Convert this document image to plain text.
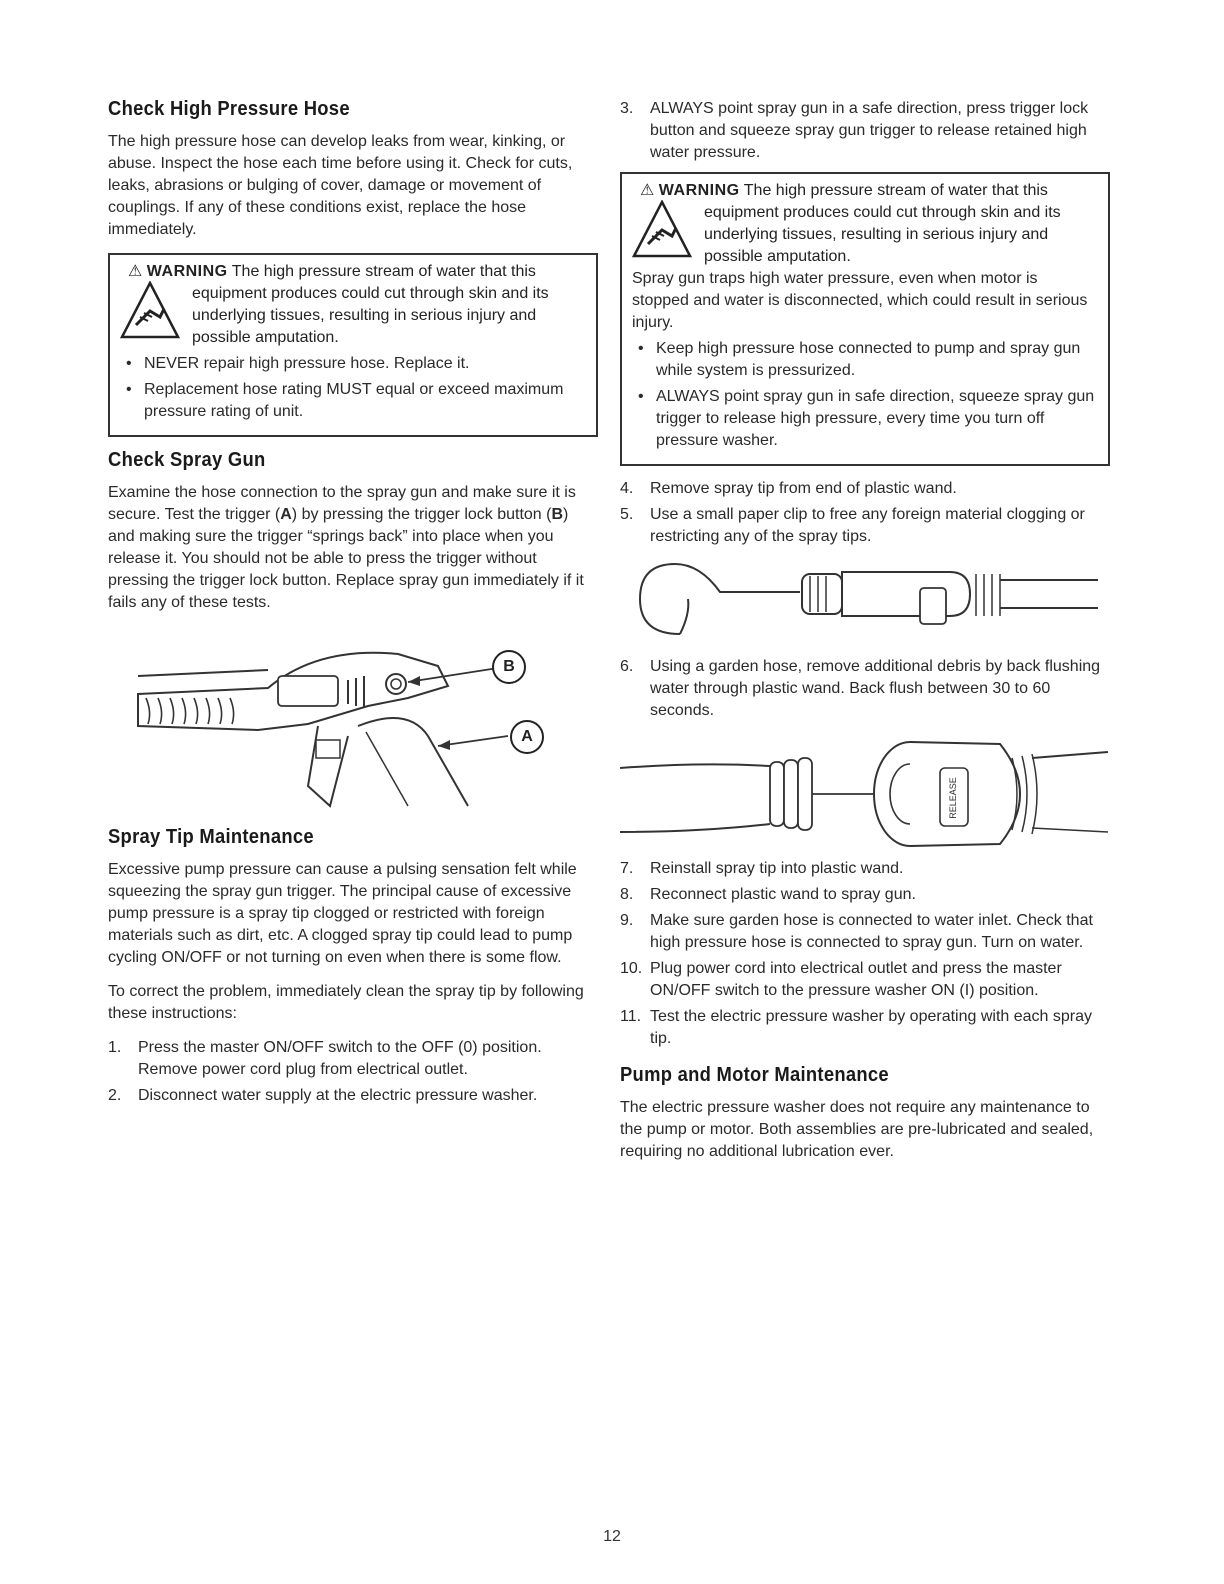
Check High Pressure Hose

The high pressure hose can develop leaks from wear, kinking, or abuse. Inspect the hose each time before using it. Check for cuts, leaks, abrasions or bulging of cover, damage or movement of couplings. If any of these conditions exist, replace the hose immediately.

⚠ WARNING The high pressure stream of water that this
equipment produces could cut through skin and its underlying tissues, resulting in serious injury and possible amputation.
• NEVER repair high pressure hose. Replace it.
• Replacement hose rating MUST equal or exceed maximum pressure rating of unit.
Check Spray Gun

Examine the hose connection to the spray gun and make sure it is secure. Test the trigger (A) by pressing the trigger lock button (B) and making sure the trigger “springs back” into place when you release it. You should not be able to press the trigger without pressing the trigger lock button. Replace spray gun immediately if it fails any of these tests.

B
A
Spray Tip Maintenance

Excessive pump pressure can cause a pulsing sensation felt while squeezing the spray gun trigger. The principal cause of excessive pump pressure is a spray tip clogged or restricted with foreign materials such as dirt, etc. A clogged spray tip could lead to pump cycling ON/OFF or not turning on even when there is some flow.

To correct the problem, immediately clean the spray tip by following these instructions:

1. Press the master ON/OFF switch to the OFF (0) position. Remove power cord plug from electrical outlet.
2. Disconnect water supply at the electric pressure washer.
3. ALWAYS point spray gun in a safe direction, press trigger lock button and squeeze spray gun trigger to release retained high water pressure.
⚠ WARNING The high pressure stream of water that this
equipment produces could cut through skin and its underlying tissues, resulting in serious injury and possible amputation.
Spray gun traps high water pressure, even when motor is stopped and water is disconnected, which could result in serious injury.
• Keep high pressure hose connected to pump and spray gun while system is pressurized.
• ALWAYS point spray gun in safe direction, squeeze spray gun trigger to release high pressure, every time you turn off pressure washer.
4. Remove spray tip from end of plastic wand.
5. Use a small paper clip to free any foreign material clogging or restricting any of the spray tips.
6. Using a garden hose, remove additional debris by back flushing water through plastic wand. Back flush between 30 to 60 seconds.
RELEASE
7. Reinstall spray tip into plastic wand.
8. Reconnect plastic wand to spray gun.
9. Make sure garden hose is connected to water inlet. Check that high pressure hose is connected to spray gun. Turn on water.
10. Plug power cord into electrical outlet and press the master ON/OFF switch to the pressure washer ON (I) position.
11. Test the electric pressure washer by operating with each spray tip.
Pump and Motor Maintenance

The electric pressure washer does not require any maintenance to the pump or motor. Both assemblies are pre-lubricated and sealed, requiring no additional lubrication ever.

12
